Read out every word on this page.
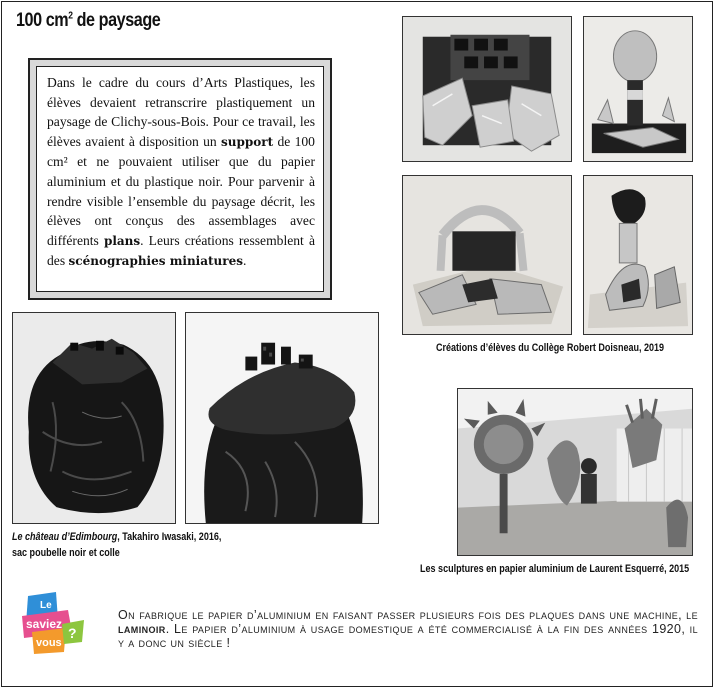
100 $cm^2$ de paysage
Dans le cadre du cours d’Arts Plastiques, les élèves devaient retranscrire plastiquement un paysage de Clichy-sous-Bois. Pour ce travail, les élèves avaient à disposition un support de 100 cm² et ne pouvaient utiliser que du papier aluminium et du plastique noir. Pour parvenir à rendre visible l’ensemble du paysage décrit, les élèves ont conçus des assemblages avec différents plans. Leurs créations ressemblent à des scénographies miniatures.
Créations d’élèves du Collège Robert Doisneau, 2019
Le château d’Edimbourg, Takahiro Iwasaki, 2016,
sac poubelle noir et colle
Les sculptures en papier aluminium de Laurent Esquerré, 2015
Le
saviez
vous
?
On fabrique le papier d’aluminium en faisant passer plusieurs fois des plaques dans une machine, le laminoir. Le papier d’aluminium à usage domestique a été commercialisé à la fin des années 1920, il y a donc un siècle !
